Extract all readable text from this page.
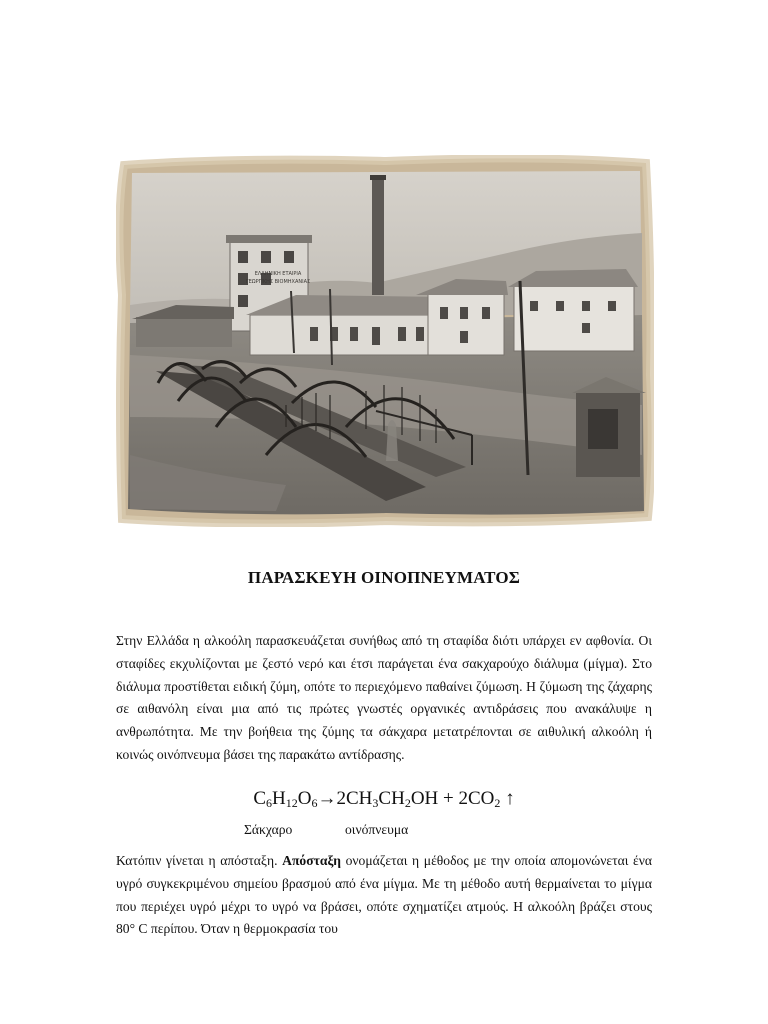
ΕΛΛΗΝΙΚΗ ΕΤΑΙΡΙΑ
ΓΕΩΡΓΙΚΗΣ ΒΙΟΜΗΧΑΝΙΑΣ
ΠΑΡΑΣΚΕΥΗ ΟΙΝΟΠΝΕΥΜΑΤΟΣ
Στην Ελλάδα η αλκοόλη παρασκευάζεται συνήθως από τη σταφίδα διότι υπάρχει εν αφθονία. Οι σταφίδες εκχυλίζονται με ζεστό νερό και έτσι παράγεται ένα σακχαρούχο διάλυμα (μίγμα). Στο διάλυμα προστίθεται ειδική ζύμη, οπότε το περιεχόμενο παθαίνει ζύμωση. Η ζύμωση της ζάχαρης σε αιθανόλη είναι μια από τις πρώτες γνωστές οργανικές αντιδράσεις που ανακάλυψε η ανθρωπότητα. Με την βοήθεια της ζύμης τα σάκχαρα μετατρέπονται σε αιθυλική αλκοόλη ή κοινώς οινόπνευμα βάσει της παρακάτω αντίδρασης.
$C_6H_{12}O_6\to 2CH_3CH_2OH + 2CO_2$ ↑
Σάκχαρο	οινόπνευμα
Κατόπιν γίνεται η απόσταξη. Απόσταξη ονομάζεται η μέθοδος με την οποία απομονώνεται ένα υγρό συγκεκριμένου σημείου βρασμού από ένα μίγμα. Με τη μέθοδο αυτή θερμαίνεται το μίγμα που περιέχει υγρό μέχρι το υγρό να βράσει, οπότε σχηματίζει ατμούς. Η αλκοόλη βράζει στους 80° C περίπου. Όταν η θερμοκρασία του
